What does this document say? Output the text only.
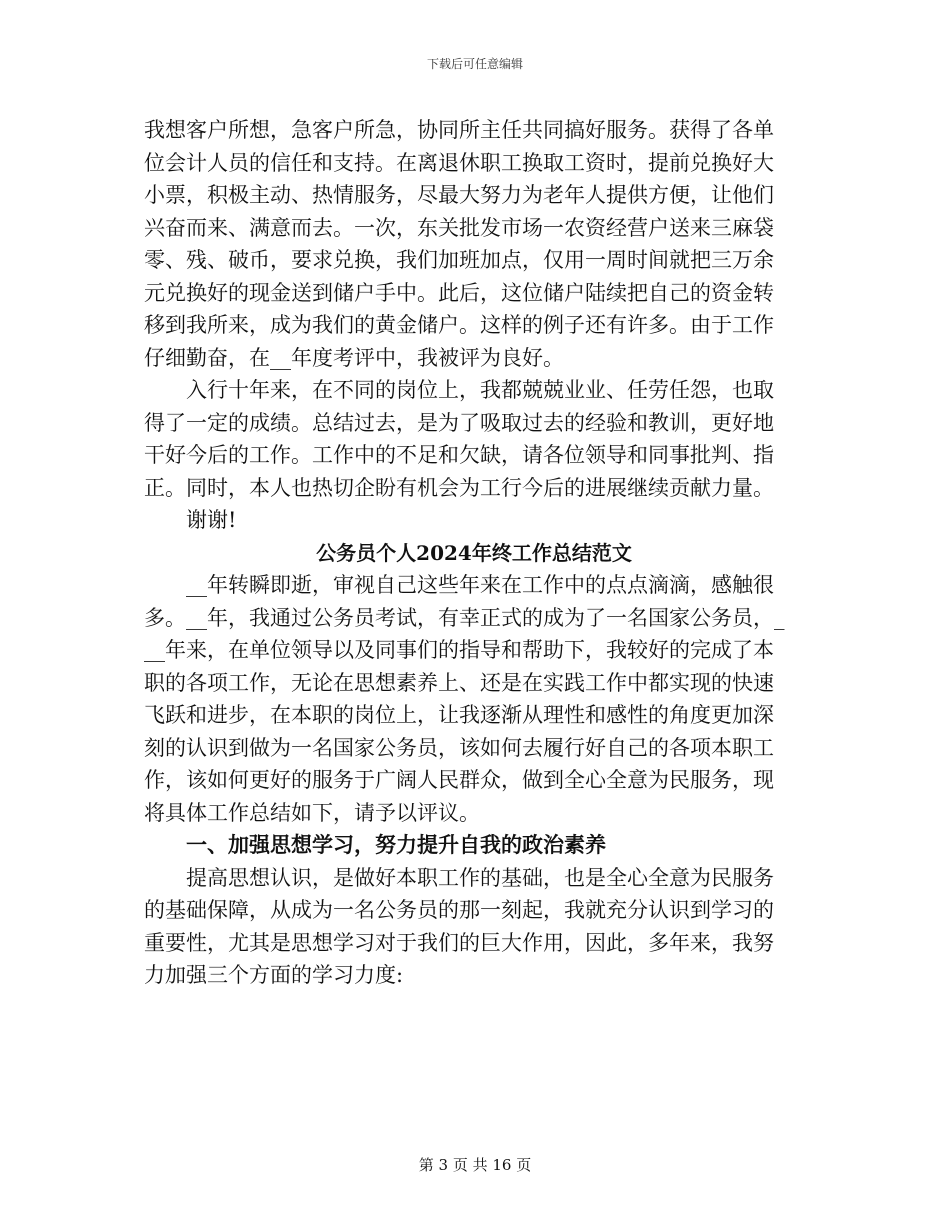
下载后可任意编辑
我想客户所想，急客户所急，协同所主任共同搞好服务。获得了各单
位会计人员的信任和支持。在离退休职工换取工资时，提前兑换好大
小票，积极主动、热情服务，尽最大努力为老年人提供方便，让他们
兴奋而来、满意而去。一次，东关批发市场一农资经营户送来三麻袋
零、残、破币，要求兑换，我们加班加点，仅用一周时间就把三万余
元兑换好的现金送到储户手中。此后，这位储户陆续把自己的资金转
移到我所来，成为我们的黄金储户。这样的例子还有许多。由于工作
仔细勤奋，在__年度考评中，我被评为良好。
入行十年来，在不同的岗位上，我都兢兢业业、任劳任怨，也取
得了一定的成绩。总结过去，是为了吸取过去的经验和教训，更好地
干好今后的工作。工作中的不足和欠缺，请各位领导和同事批判、指
正。同时，本人也热切企盼有机会为工行今后的进展继续贡献力量。
谢谢!
公务员个人2024年终工作总结范文
__年转瞬即逝，审视自己这些年来在工作中的点点滴滴，感触很
多。__年，我通过公务员考试，有幸正式的成为了一名国家公务员，_
__年来，在单位领导以及同事们的指导和帮助下，我较好的完成了本
职的各项工作，无论在思想素养上、还是在实践工作中都实现的快速
飞跃和进步，在本职的岗位上，让我逐渐从理性和感性的角度更加深
刻的认识到做为一名国家公务员，该如何去履行好自己的各项本职工
作，该如何更好的服务于广阔人民群众，做到全心全意为民服务，现
将具体工作总结如下，请予以评议。
一、加强思想学习，努力提升自我的政治素养
提高思想认识，是做好本职工作的基础，也是全心全意为民服务
的基础保障，从成为一名公务员的那一刻起，我就充分认识到学习的
重要性，尤其是思想学习对于我们的巨大作用，因此，多年来，我努
力加强三个方面的学习力度:
第 3 页 共 16 页
